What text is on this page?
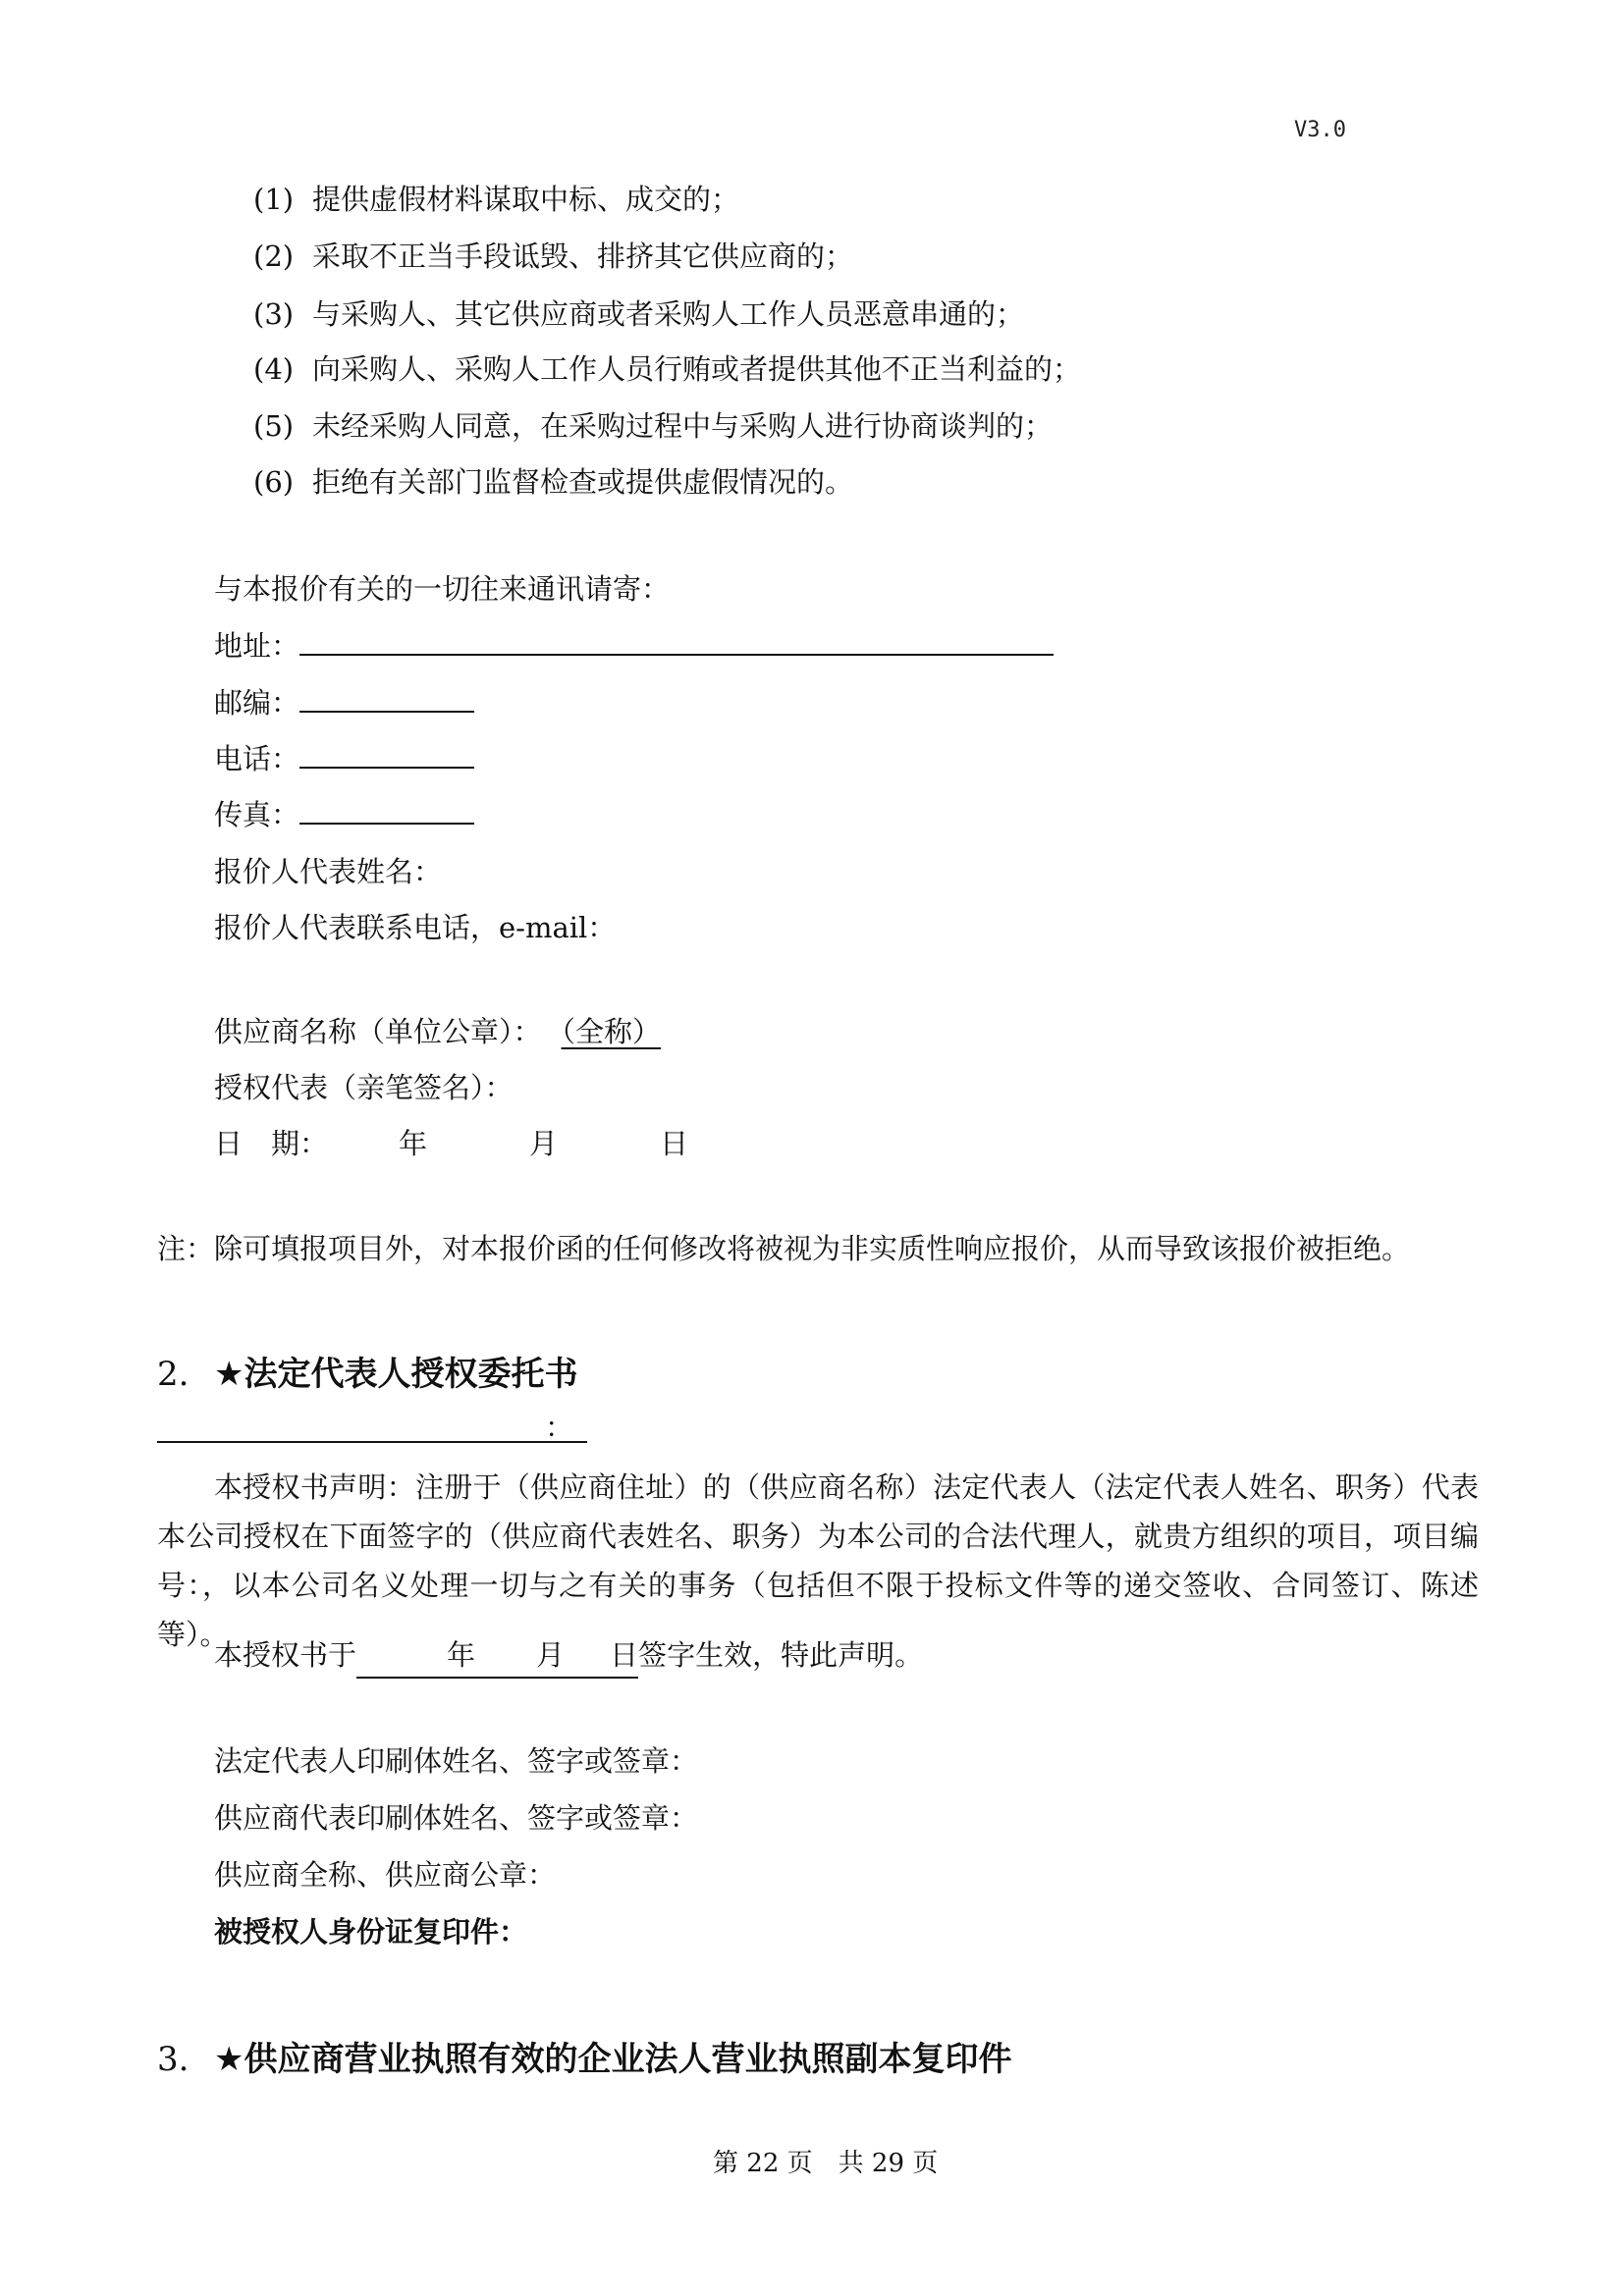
V3.0
(1) 提供虚假材料谋取中标、成交的；
(2) 采取不正当手段诋毁、排挤其它供应商的；
(3) 与采购人、其它供应商或者采购人工作人员恶意串通的；
(4) 向采购人、采购人工作人员行贿或者提供其他不正当利益的；
(5) 未经采购人同意，在采购过程中与采购人进行协商谈判的；
(6) 拒绝有关部门监督检查或提供虚假情况的。
与本报价有关的一切往来通讯请寄：
地址：
邮编：
电话：
传真：
报价人代表姓名：
报价人代表联系电话，e-mail：
供应商名称（单位公章）： （全称）
授权代表（亲笔签名）：
日　期： 年	月	日
注：除可填报项目外，对本报价函的任何修改将被视为非实质性响应报价，从而导致该报价被拒绝。
2. ★法定代表人授权委托书
：
本授权书声明：注册于（供应商住址）的（供应商名称）法定代表人（法定代表人姓名、职务）代表本公司授权在下面签字的（供应商代表姓名、职务）为本公司的合法代理人，就贵方组织的项目，项目编号：，以本公司名义处理一切与之有关的事务（包括但不限于投标文件等的递交签收、合同签订、陈述等）。
本授权书于	年 月 日签字生效，特此声明。
法定代表人印刷体姓名、签字或签章：
供应商代表印刷体姓名、签字或签章：
供应商全称、供应商公章：
被授权人身份证复印件：
3. ★供应商营业执照有效的企业法人营业执照副本复印件
第 22 页　共 29 页
